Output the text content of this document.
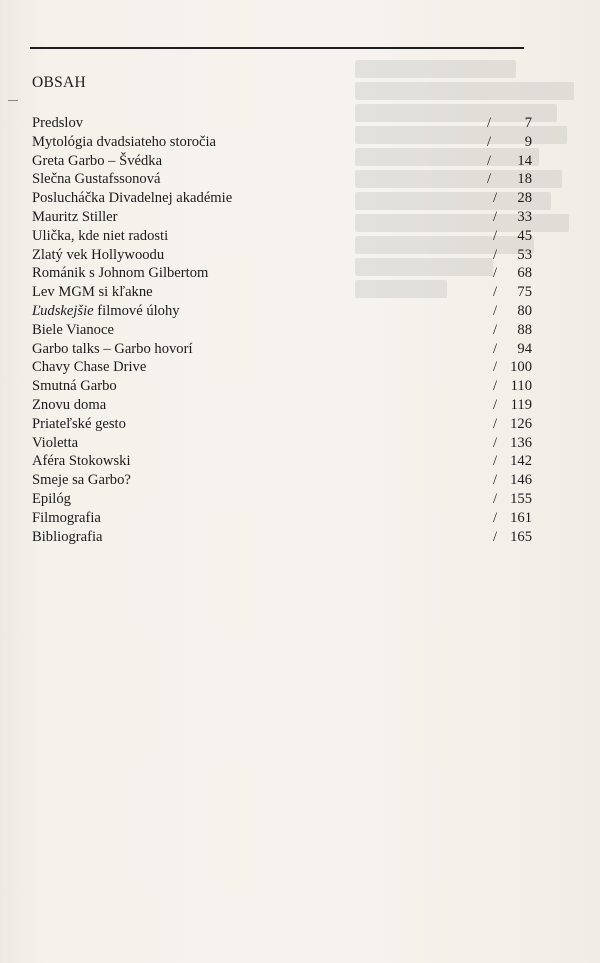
OBSAH
Predslov	/	7
Mytológia dvadsiateho storočia	/	9
Greta Garbo – Švédka	/	14
Slečna Gustafssonová	/	18
Poslucháčka Divadelnej akadémie	/	28
Mauritz Stiller	/	33
Ulička, kde niet radosti	/	45
Zlatý vek Hollywoodu	/	53
Románik s Johnom Gilbertom	/	68
Lev MGM si kľakne	/	75
Ľudskejšie filmové úlohy	/	80
Biele Vianoce	/	88
Garbo talks – Garbo hovorí	/	94
Chavy Chase Drive	/ 100
Smutná Garbo	/ 110
Znovu doma	/ 119
Priateľské gesto	/ 126
Violetta	/ 136
Aféra Stokowski	/ 142
Smeje sa Garbo?	/ 146
Epilóg	/ 155
Filmografia	/ 161
Bibliografia	/ 165
